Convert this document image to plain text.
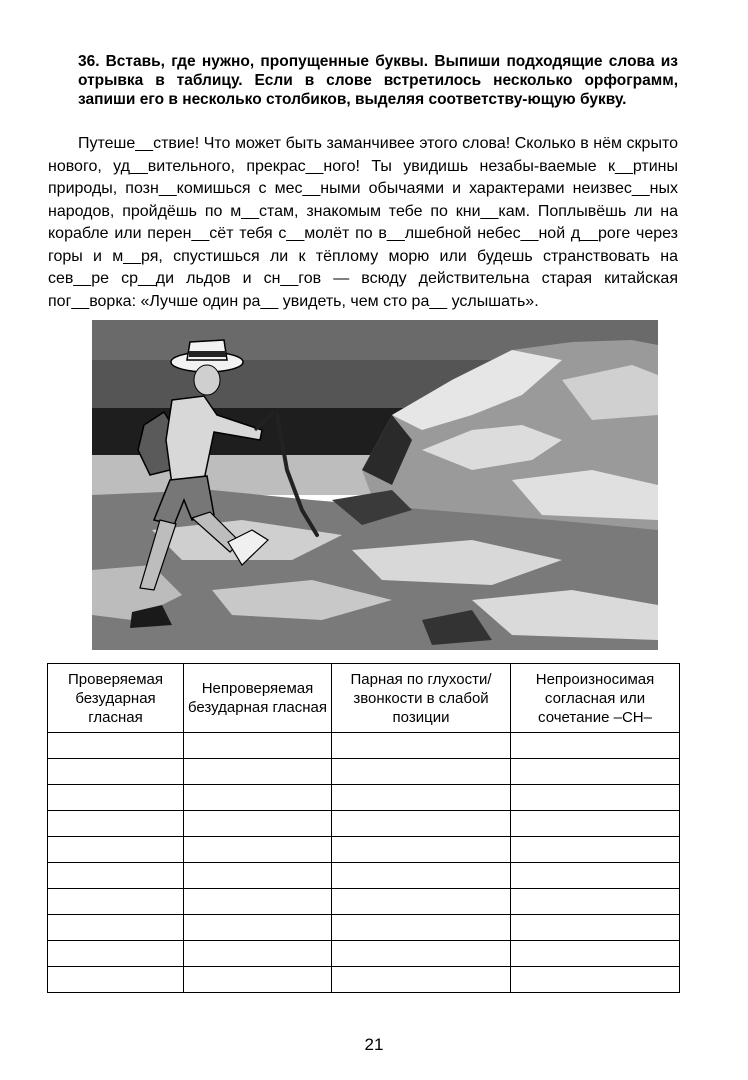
36. Вставь, где нужно, пропущенные буквы. Выпиши подходящие слова из отрывка в таблицу. Если в слове встретилось несколько орфограмм, запиши его в несколько столбиков, выделяя соответству-ющую букву.
Путеше__ствие! Что может быть заманчивее этого слова! Сколько в нём скрыто нового, уд__вительного, прекрас__ного! Ты увидишь незабы-ваемые к__ртины природы, позн__комишься с мес__ными обычаями и характерами неизвес__ных народов, пройдёшь по м__стам, знакомым тебе по кни__кам. Поплывёшь ли на корабле или перен__сёт тебя с__молёт по в__лшебной небес__ной д__роге через горы и м__ря, спустишься ли к тёплому морю или будешь странствовать на сев__ре ср__ди льдов и сн__гов — всюду действительна старая китайская пог__ворка: «Лучше один ра__ увидеть, чем сто ра__ услышать».
Проверяемая безударная гласная	Непроверяемая безударная гласная	Парная по глухости/звонкости в слабой позиции	Непроизносимая согласная или сочетание –СН–

21
